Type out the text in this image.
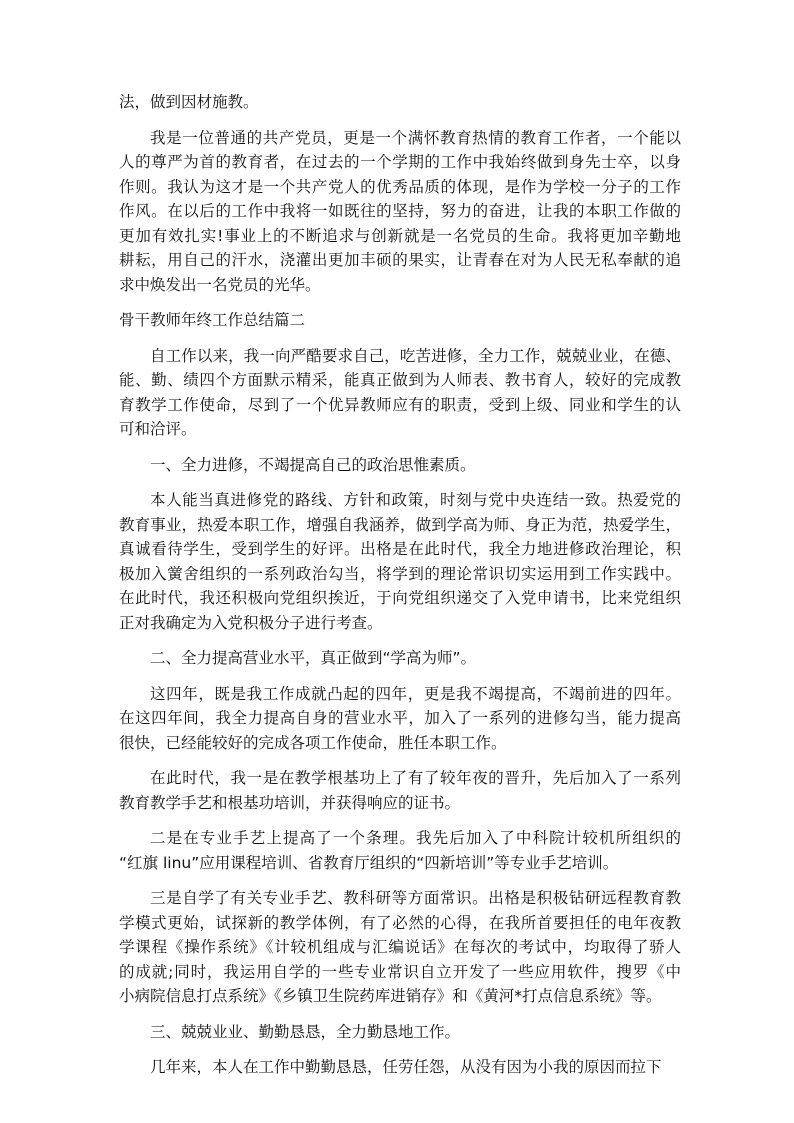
法，做到因材施教。
我是一位普通的共产党员，更是一个满怀教育热情的教育工作者，一个能以
人的尊严为首的教育者，在过去的一个学期的工作中我始终做到身先士卒，以身
作则。我认为这才是一个共产党人的优秀品质的体现，是作为学校一分子的工作
作风。在以后的工作中我将一如既往的坚持，努力的奋进，让我的本职工作做的
更加有效扎实!事业上的不断追求与创新就是一名党员的生命。我将更加辛勤地
耕耘，用自己的汗水，浇灌出更加丰硕的果实，让青春在对为人民无私奉献的追
求中焕发出一名党员的光华。
骨干教师年终工作总结篇二
自工作以来，我一向严酷要求自己，吃苦进修，全力工作，兢兢业业，在德、
能、勤、绩四个方面默示精采，能真正做到为人师表、教书育人，较好的完成教
育教学工作使命，尽到了一个优异教师应有的职责，受到上级、同业和学生的认
可和洽评。
一、全力进修，不竭提高自己的政治思惟素质。
本人能当真进修党的路线、方针和政策，时刻与党中央连结一致。热爱党的
教育事业，热爱本职工作，增强自我涵养，做到学高为师、身正为范，热爱学生，
真诚看待学生，受到学生的好评。出格是在此时代，我全力地进修政治理论，积
极加入黉舍组织的一系列政治勾当，将学到的理论常识切实运用到工作实践中。
在此时代，我还积极向党组织挨近，于向党组织递交了入党申请书，比来党组织
正对我确定为入党积极分子进行考查。
二、全力提高营业水平，真正做到“学高为师”。
这四年，既是我工作成就凸起的四年，更是我不竭提高，不竭前进的四年。
在这四年间，我全力提高自身的营业水平，加入了一系列的进修勾当，能力提高
很快，已经能较好的完成各项工作使命，胜任本职工作。
在此时代，我一是在教学根基功上了有了较年夜的晋升，先后加入了一系列
教育教学手艺和根基功培训，并获得响应的证书。
二是在专业手艺上提高了一个条理。我先后加入了中科院计较机所组织的
“红旗 linu”应用课程培训、省教育厅组织的“四新培训”等专业手艺培训。
三是自学了有关专业手艺、教科研等方面常识。出格是积极钻研远程教育教
学模式更始，试探新的教学体例，有了必然的心得，在我所首要担任的电年夜教
学课程《操作系统》《计较机组成与汇编说话》在每次的考试中，均取得了骄人
的成就;同时，我运用自学的一些专业常识自立开发了一些应用软件，搜罗《中
小病院信息打点系统》《乡镇卫生院药库进销存》和《黄河*打点信息系统》等。
三、兢兢业业、勤勤恳恳，全力勤恳地工作。
几年来，本人在工作中勤勤恳恳，任劳任怨，从没有因为小我的原因而拉下
